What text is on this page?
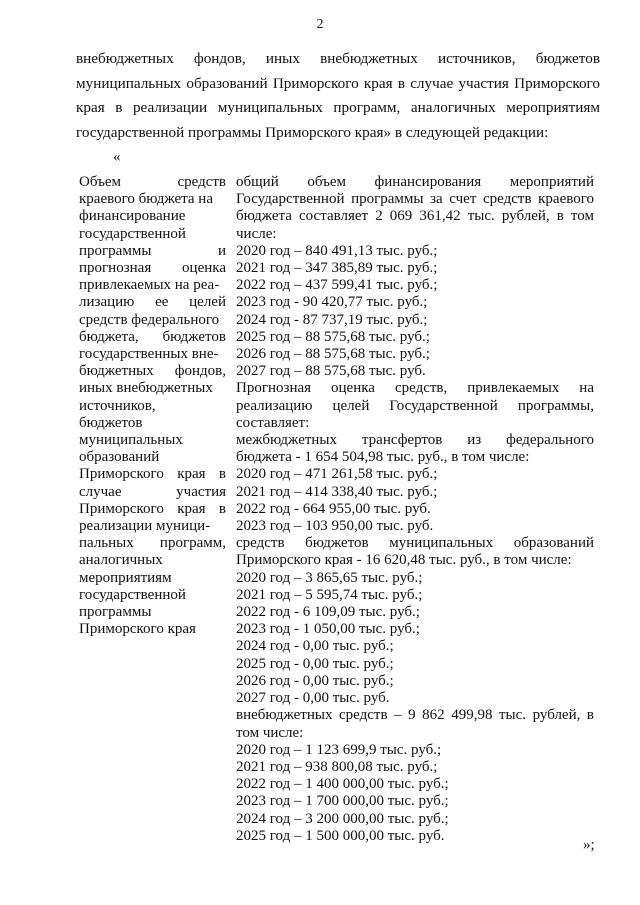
2
внебюджетных фондов, иных внебюджетных источников, бюджетов
муниципальных образований Приморского края в случае участия Приморского
края в реализации муниципальных программ, аналогичных мероприятиям
государственной программы Приморского края» в следующей редакции:
«
Объем средств
краевого бюджета на
финансирование
государственной
программы и
прогнозная оценка
привлекаемых на реа-
лизацию ее целей
средств федерального
бюджета, бюджетов
государственных вне-
бюджетных фондов,
иных внебюджетных
источников,
бюджетов
муниципальных
образований
Приморского края в
случае участия
Приморского края в
реализации муници-
пальных программ,
аналогичных
мероприятиям
государственной
программы
Приморского края
общий объем финансирования мероприятий
Государственной программы за счет средств краевого
бюджета составляет 2 069 361,42 тыс. рублей, в том
числе:
2020 год – 840 491,13 тыс. руб.;
2021 год – 347 385,89 тыс. руб.;
2022 год – 437 599,41 тыс. руб.;
2023 год - 90 420,77 тыс. руб.;
2024 год - 87 737,19 тыс. руб.;
2025 год – 88 575,68 тыс. руб.;
2026 год – 88 575,68 тыс. руб.;
2027 год – 88 575,68 тыс. руб.
Прогнозная оценка средств, привлекаемых на
реализацию целей Государственной программы,
составляет:
межбюджетных трансфертов из федерального
бюджета - 1 654 504,98 тыс. руб., в том числе:
2020 год – 471 261,58 тыс. руб.;
2021 год – 414 338,40 тыс. руб.;
2022 год - 664 955,00 тыс. руб.
2023 год – 103 950,00 тыс. руб.
средств бюджетов муниципальных образований
Приморского края - 16 620,48 тыс. руб., в том числе:
2020 год – 3 865,65 тыс. руб.;
2021 год – 5 595,74 тыс. руб.;
2022 год - 6 109,09 тыс. руб.;
2023 год - 1 050,00 тыс. руб.;
2024 год - 0,00 тыс. руб.;
2025 год - 0,00 тыс. руб.;
2026 год - 0,00 тыс. руб.;
2027 год - 0,00 тыс. руб.
внебюджетных средств – 9 862 499,98 тыс. рублей, в
том числе:
2020 год – 1 123 699,9 тыс. руб.;
2021 год – 938 800,08 тыс. руб.;
2022 год – 1 400 000,00 тыс. руб.;
2023 год – 1 700 000,00 тыс. руб.;
2024 год – 3 200 000,00 тыс. руб.;
2025 год – 1 500 000,00 тыс. руб.
»;
